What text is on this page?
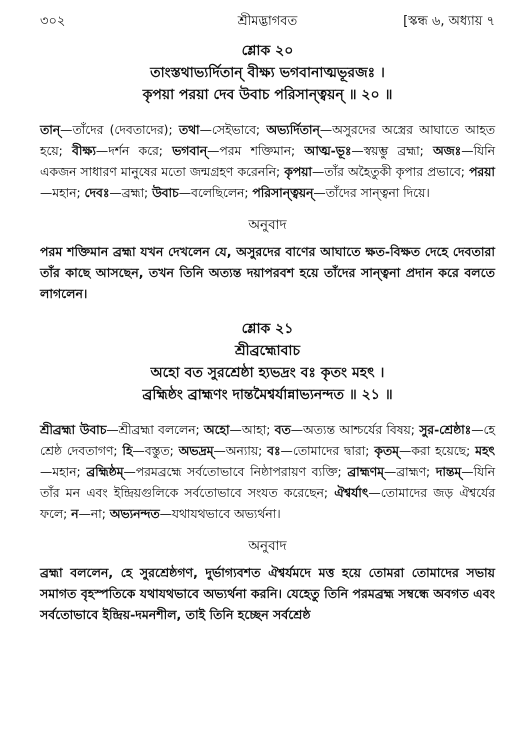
৩০২	শ্রীমদ্ভাগবত	[স্কন্ধ ৬, অধ্যায় ৭

শ্লোক ২০

তাংস্তথাভ্যর্দিতান্‌ বীক্ষ্য ভগবানাত্মভূরজঃ ।

কৃপয়া পরয়া দেব উবাচ পরিসান্ত্বয়ন্‌ ॥ ২০ ॥

তান্‌—তাঁদের (দেবতাদের); তথা—সেইভাবে; অভ্যর্দিতান্‌—অসুরদের অস্ত্রের আঘাতে আহত হয়ে; বীক্ষ্য—দর্শন করে; ভগবান্‌—পরম শক্তিমান; আত্ম-ভূঃ—স্বয়ম্ভু ব্রহ্মা; অজঃ—যিনি একজন সাধারণ মানুষের মতো জন্মগ্রহণ করেননি; কৃপয়া—তাঁর অহৈতুকী কৃপার প্রভাবে; পরয়া—মহান; দেবঃ—ব্রহ্মা; উবাচ—বলেছিলেন; পরিসান্ত্বয়ন্‌—তাঁদের সান্ত্বনা দিয়ে।

অনুবাদ

পরম শক্তিমান ব্রহ্মা যখন দেখলেন যে, অসুরদের বাণের আঘাতে ক্ষত-বিক্ষত দেহে দেবতারা তাঁর কাছে আসছেন, তখন তিনি অত্যন্ত দয়াপরবশ হয়ে তাঁদের সান্ত্বনা প্রদান করে বলতে লাগলেন।

শ্লোক ২১

শ্রীব্রহ্মোবাচ

অহো বত সুরশ্রেষ্ঠা হ্যভদ্রং বঃ কৃতং মহৎ ।

ব্রহ্মিষ্ঠং ব্রাহ্মণং দান্তমৈশ্বর্যান্নাভ্যনন্দত ॥ ২১ ॥

শ্রীব্রহ্মা উবাচ—শ্রীব্রহ্মা বললেন; অহো—আহা; বত—অত্যন্ত আশ্চর্যের বিষয়; সুর-শ্রেষ্ঠাঃ—হে শ্রেষ্ঠ দেবতাগণ; হি—বস্তুত; অভদ্রম্‌—অন্যায়; বঃ—তোমাদের দ্বারা; কৃতম্‌—করা হয়েছে; মহৎ—মহান; ব্রহ্মিষ্ঠম্‌—পরমব্রহ্মে সর্বতোভাবে নিষ্ঠাপরায়ণ ব্যক্তি; ব্রাহ্মণম্‌—ব্রাহ্মণ; দান্তম্‌—যিনি তাঁর মন এবং ইন্দ্রিয়গুলিকে সর্বতোভাবে সংযত করেছেন; ঐশ্বর্যাৎ—তোমাদের জড় ঐশ্বর্যের ফলে; ন—না; অভ্যনন্দত—যথাযথভাবে অভ্যর্থনা।

অনুবাদ

ব্রহ্মা বললেন, হে সুরশ্রেষ্ঠগণ, দুর্ভাগ্যবশত ঐশ্বর্যমদে মত্ত হয়ে তোমরা তোমাদের সভায় সমাগত বৃহস্পতিকে যথাযথভাবে অভ্যর্থনা করনি। যেহেতু তিনি পরমব্রহ্ম সম্বন্ধে অবগত এবং সর্বতোভাবে ইন্দ্রিয়-দমনশীল, তাই তিনি হচ্ছেন সর্বশ্রেষ্ঠ
